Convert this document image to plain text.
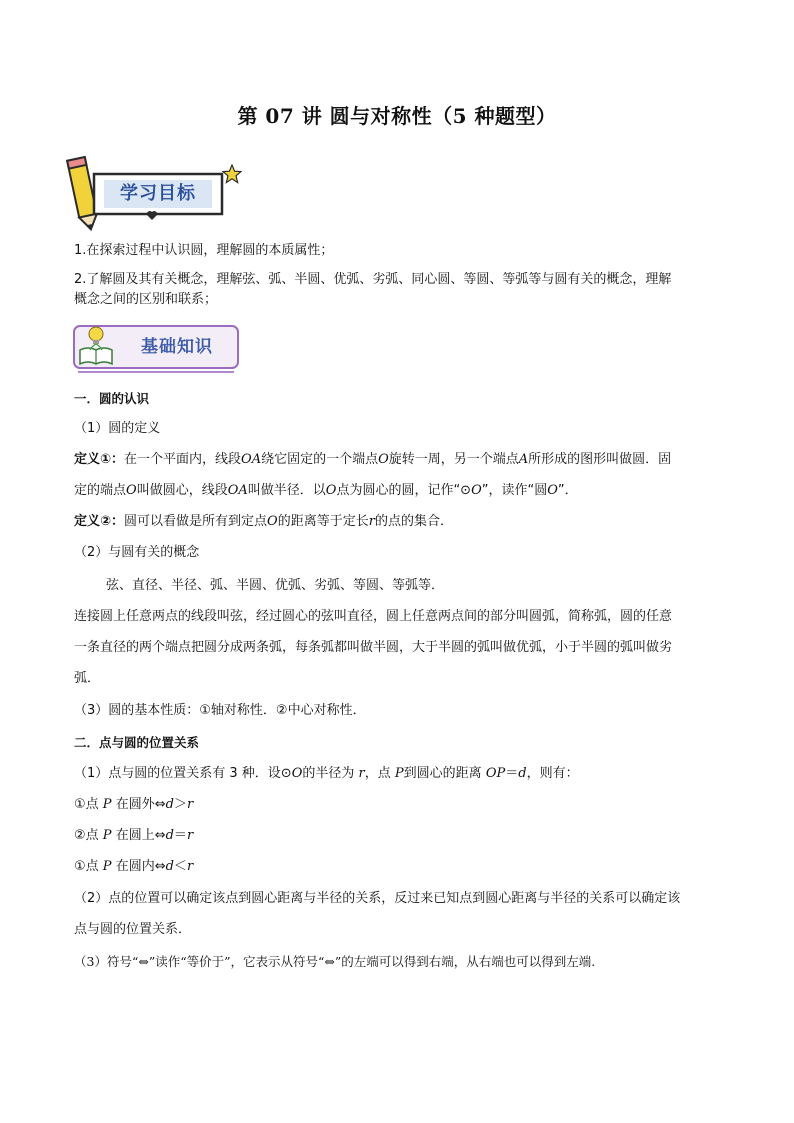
第 07 讲 圆与对称性（5 种题型）
学习目标
1.在探索过程中认识圆，理解圆的本质属性；
2.了解圆及其有关概念，理解弦、弧、半圆、优弧、劣弧、同心圆、等圆、等弧等与圆有关的概念，理解
概念之间的区别和联系；
基础知识
一．圆的认识
（1）圆的定义
定义①：在一个平面内，线段OA绕它固定的一个端点O旋转一周，另一个端点A所形成的图形叫做圆．固
定的端点O叫做圆心，线段OA叫做半径．以O点为圆心的圆，记作“⊙O”，读作“圆O”．
定义②：圆可以看做是所有到定点O的距离等于定长r的点的集合．
（2）与圆有关的概念
弦、直径、半径、弧、半圆、优弧、劣弧、等圆、等弧等．
连接圆上任意两点的线段叫弦，经过圆心的弦叫直径，圆上任意两点间的部分叫圆弧，简称弧，圆的任意
一条直径的两个端点把圆分成两条弧，每条弧都叫做半圆，大于半圆的弧叫做优弧，小于半圆的弧叫做劣
弧．
（3）圆的基本性质：①轴对称性．②中心对称性．
二．点与圆的位置关系
（1）点与圆的位置关系有 3 种．设⊙O的半径为 r，点 P到圆心的距离 OP＝d，则有：
①点 P 在圆外⇔d＞r
②点 P 在圆上⇔d＝r
①点 P 在圆内⇔d＜r
（2）点的位置可以确定该点到圆心距离与半径的关系，反过来已知点到圆心距离与半径的关系可以确定该
点与圆的位置关系．
（3）符号“⇔”读作“等价于”，它表示从符号“⇔”的左端可以得到右端，从右端也可以得到左端.
